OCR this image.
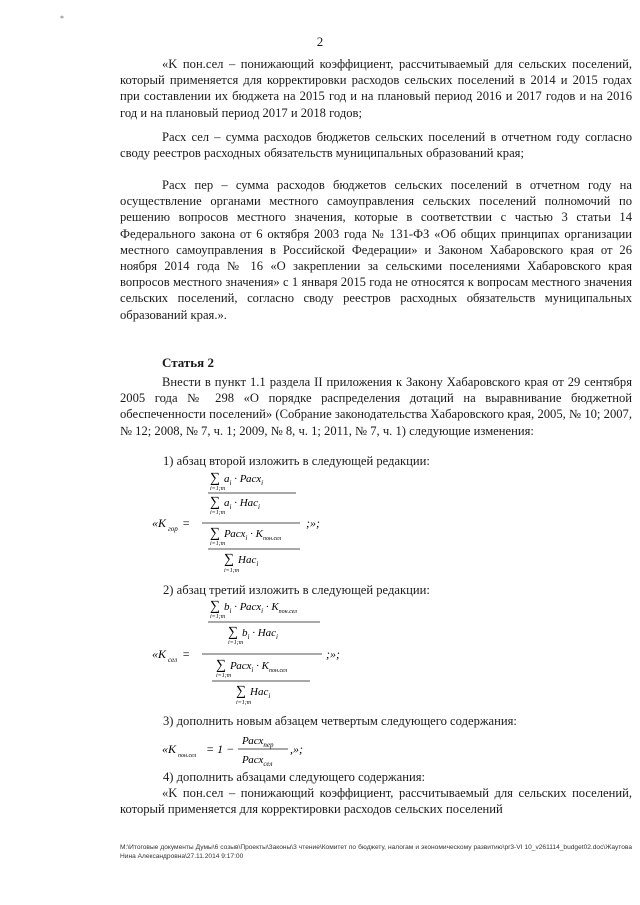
*
2

«K пон.сел – понижающий коэффициент, рассчитываемый для сельских поселений, который применяется для корректировки расходов сельских поселений в 2014 и 2015 годах при составлении их бюджета на 2015 год и на плановый период 2016 и 2017 годов и на 2016 год и на плановый период 2017 и 2018 годов;

Расх сел – сумма расходов бюджетов сельских поселений в отчетном году согласно своду реестров расходных обязательств муниципальных образований края;

Расх пер – сумма расходов бюджетов сельских поселений в отчетном году на осуществление органами местного самоуправления сельских поселений полномочий по решению вопросов местного значения, которые в соответствии с частью 3 статьи 14 Федерального закона от 6 октября 2003 года № 131-ФЗ «Об общих принципах организации местного самоуправления в Российской Федерации» и Законом Хабаровского края от 26 ноября 2014 года № 16 «О закреплении за сельскими поселениями Хабаровского края вопросов местного значения» с 1 января 2015 года не относятся к вопросам местного значения сельских поселений, согласно своду реестров расходных обязательств муниципальных образований края.».

Статья 2

Внести в пункт 1.1 раздела II приложения к Закону Хабаровского края от 29 сентября 2005 года № 298 «О порядке распределения дотаций на выравнивание бюджетной обеспеченности поселений» (Собрание законодательства Хабаровского края, 2005, № 10; 2007, № 12; 2008, № 7, ч. 1; 2009, № 8, ч. 1; 2011, № 7, ч. 1) следующие изменения:

1) абзац второй изложить в следующей редакции:
«K гор =
∑ $a_i$ · Расх$_i$
i=1;m
∑ $a_i \cdot Нас_i$
i=1;m
∑ Расх$_i$ · $K_{пон.сел}$
i=1;m
∑ Нас$_i$
i=1;m
;»;
2) абзац третий изложить в следующей редакции:
«K сел =
∑ $b_i$ · Расх$_i$ · $K_{пон.сел}$
i=1;m
∑ $b_i \cdot Нас_i$
i=1;m
∑ Расх$_i$ · $K_{пон.сел}$
i=1;m
∑ Нас$_i$
i=1;m
;»;
3) дополнить новым абзацем четвертым следующего содержания:
«K пон.сел = 1 −
Расх$_{пер}$
Расх$_{сел}$
,»;
4) дополнить абзацами следующего содержания:

«K пон.сел – понижающий коэффициент, рассчитываемый для сельских поселений, который применяется для корректировки расходов сельских поселений

M:\Итоговые документы Думы\6 созыв\Проекты\Законы\3 чтение\Комитет по бюджету, налогам и экономическому развитию\pr3-VI 10_v261114_budget02.doc\Жаутова Нина Александровна\27.11.2014 9:17:00
